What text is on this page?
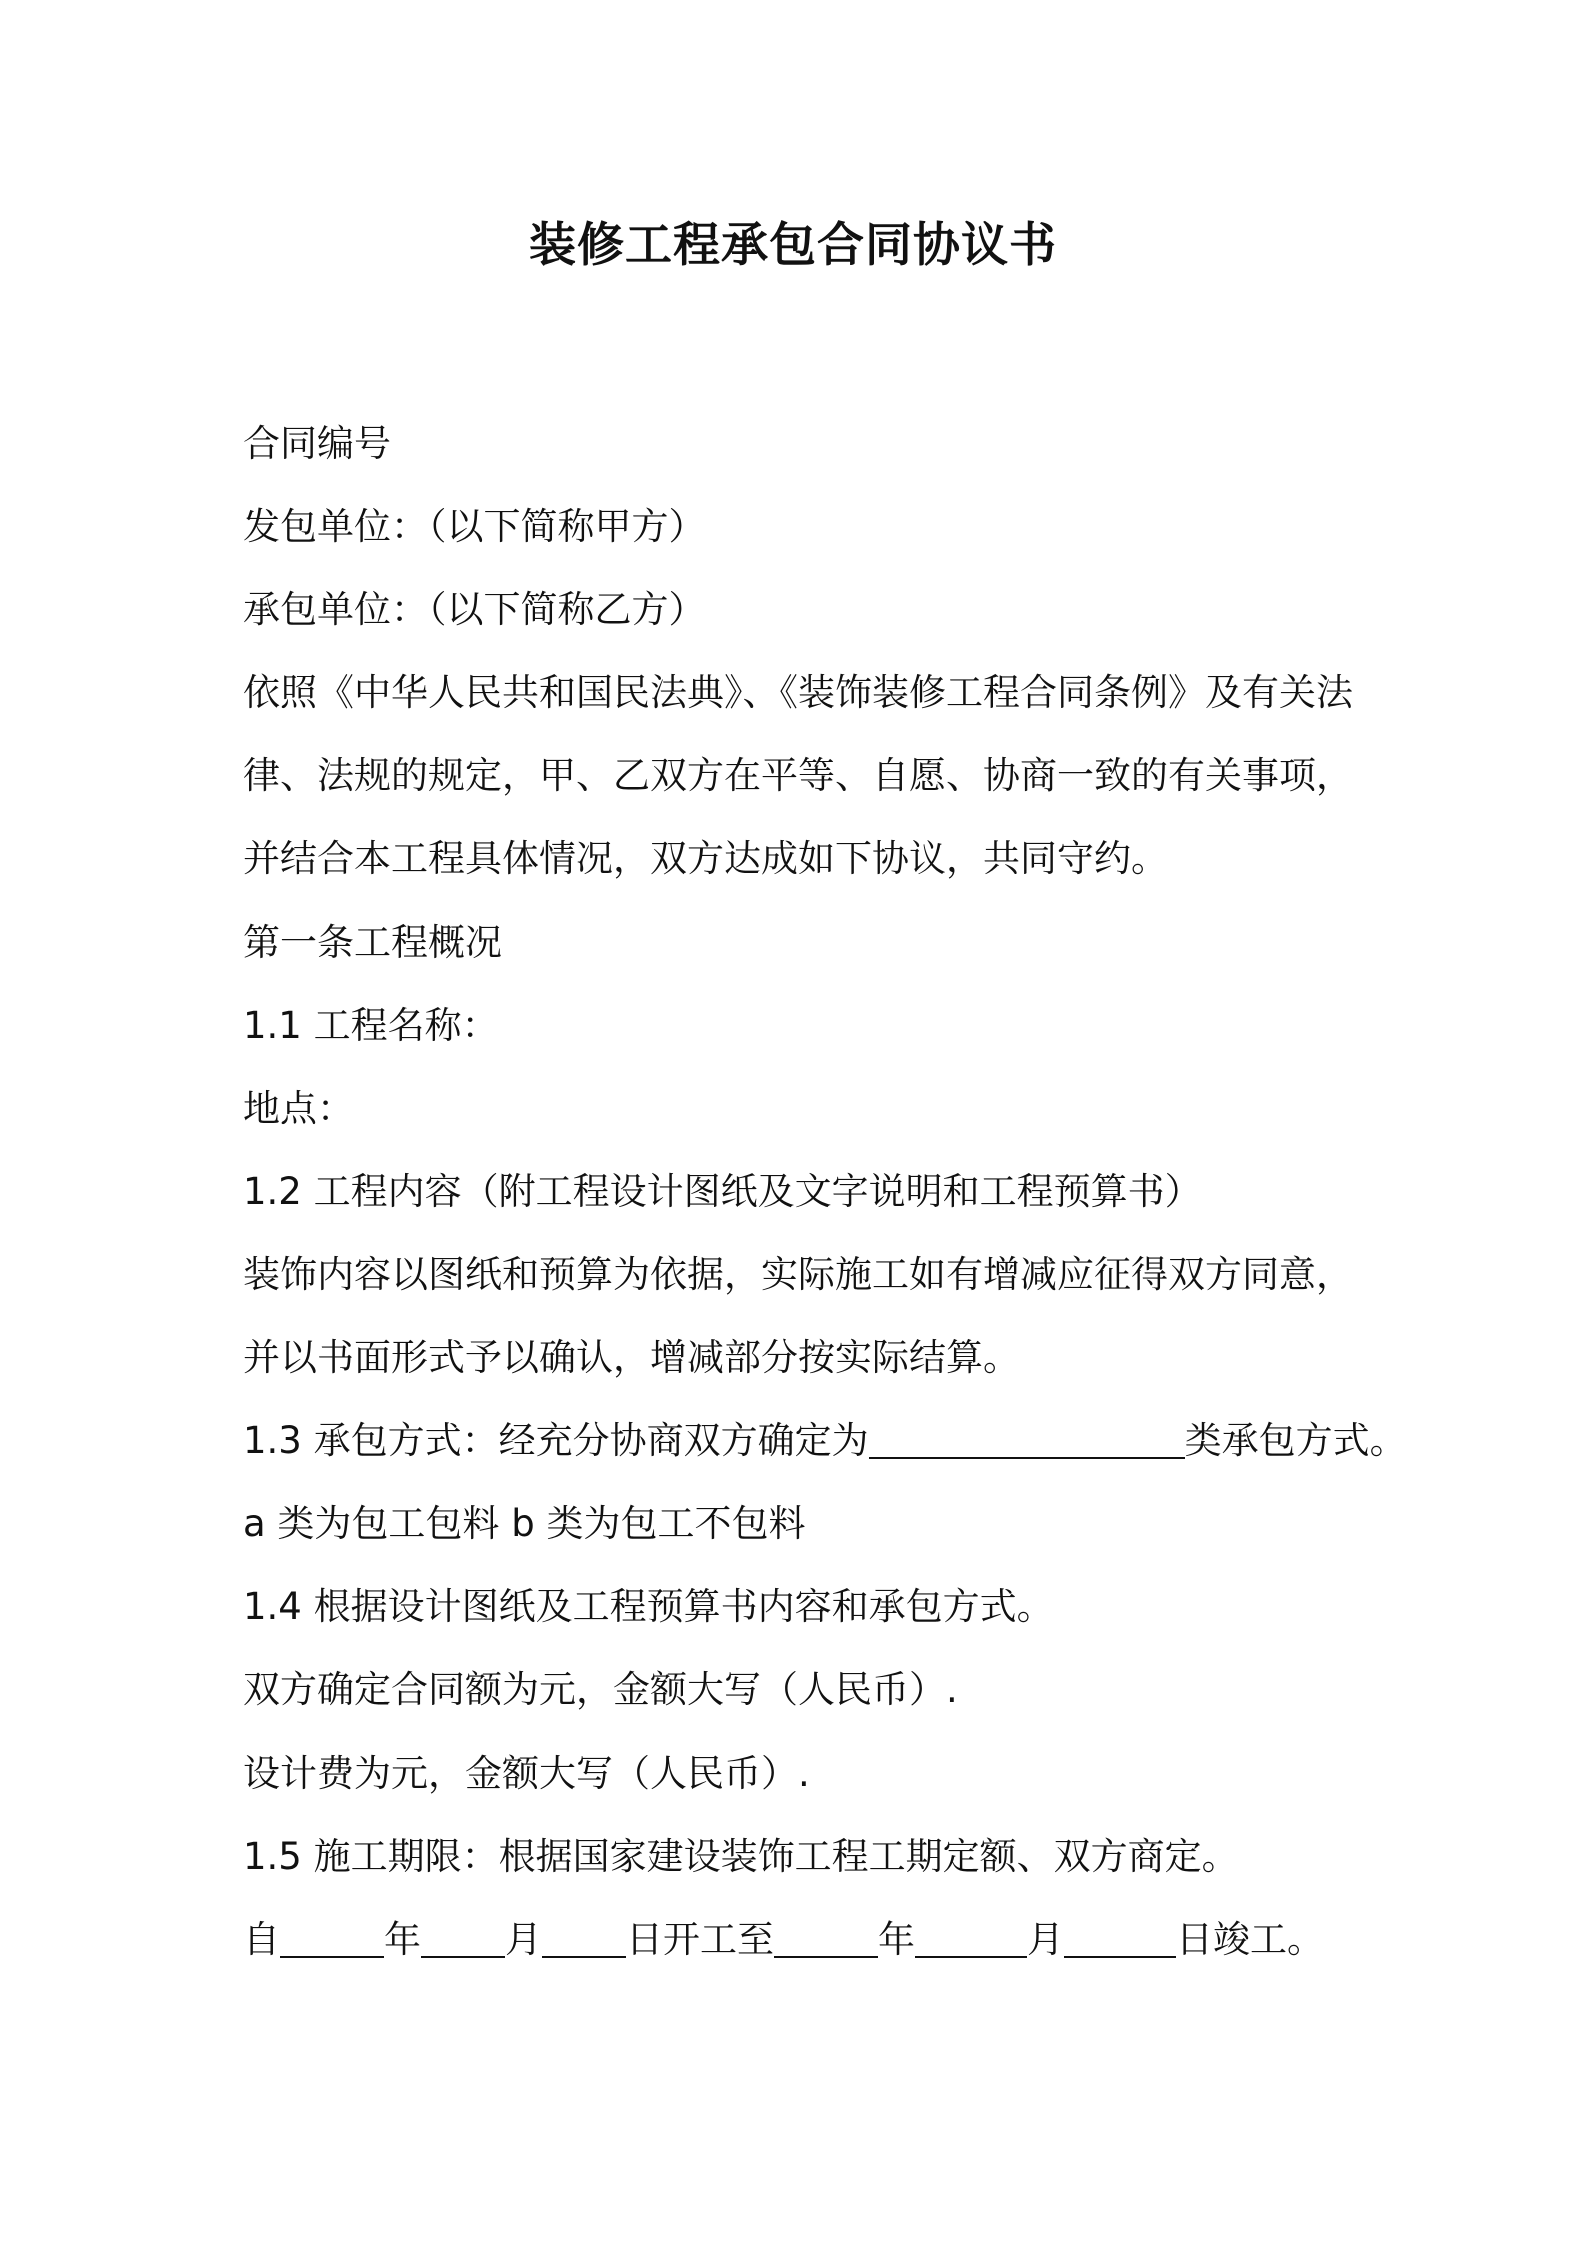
装修工程承包合同协议书

合同编号

发包单位：（以下简称甲方）

承包单位：（以下简称乙方）

依照《中华人民共和国民法典》、《装饰装修工程合同条例》及有关法

律、法规的规定，甲、乙双方在平等、自愿、协商一致的有关事项，

并结合本工程具体情况，双方达成如下协议，共同守约。

第一条工程概况

1.1 工程名称：

地点：

1.2 工程内容（附工程设计图纸及文字说明和工程预算书）

装饰内容以图纸和预算为依据，实际施工如有增减应征得双方同意，

并以书面形式予以确认，增减部分按实际结算。

1.3 承包方式：经充分协商双方确定为	类承包方式。

a 类为包工包料 b 类为包工不包料

1.4 根据设计图纸及工程预算书内容和承包方式。

双方确定合同额为元，金额大写（人民币）.

设计费为元，金额大写（人民币）.

1.5 施工期限：根据国家建设装饰工程工期定额、双方商定。

自	年 月 日开工至	年	月	日竣工。
